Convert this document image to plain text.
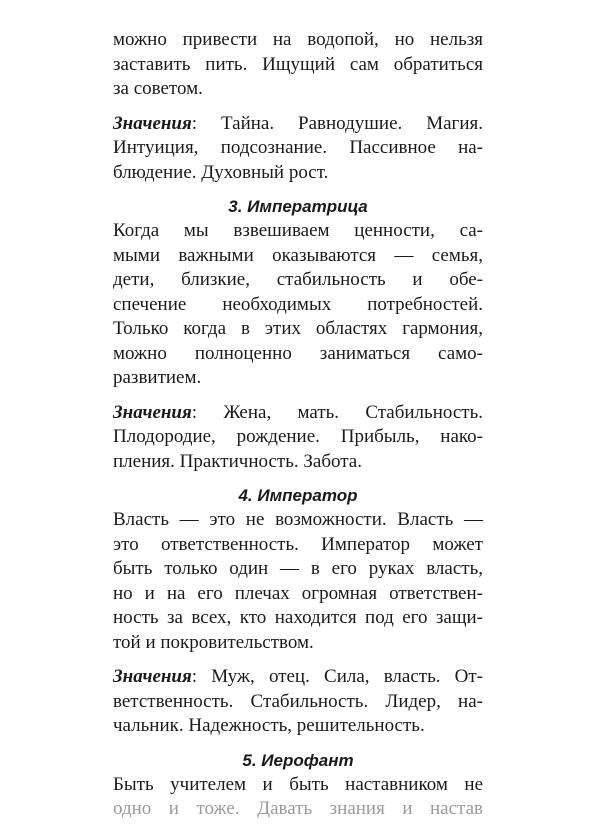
можно привести на водопой, но нельзя
заставить пить. Ищущий сам обратиться
за советом.

Значения: Тайна. Равнодушие. Магия.
Интуиция, подсознание. Пассивное на-
блюдение. Духовный рост.

3. Императрица

Когда мы взвешиваем ценности, са-
мыми важными оказываются — семья,
дети, близкие, стабильность и обе-
спечение необходимых потребностей.
Только когда в этих областях гармония,
можно полноценно заниматься само-
развитием.

Значения: Жена, мать. Стабильность.
Плодородие, рождение. Прибыль, нако-
пления. Практичность. Забота.

4. Император

Власть — это не возможности. Власть —
это ответственность. Император может
быть только один — в его руках власть,
но и на его плечах огромная ответствен-
ность за всех, кто находится под его защи-
той и покровительством.

Значения: Муж, отец. Сила, власть. От-
ветственность. Стабильность. Лидер, на-
чальник. Надежность, решительность.

5. Иерофант

Быть учителем и быть наставником не
одно и тоже. Давать знания и настав
